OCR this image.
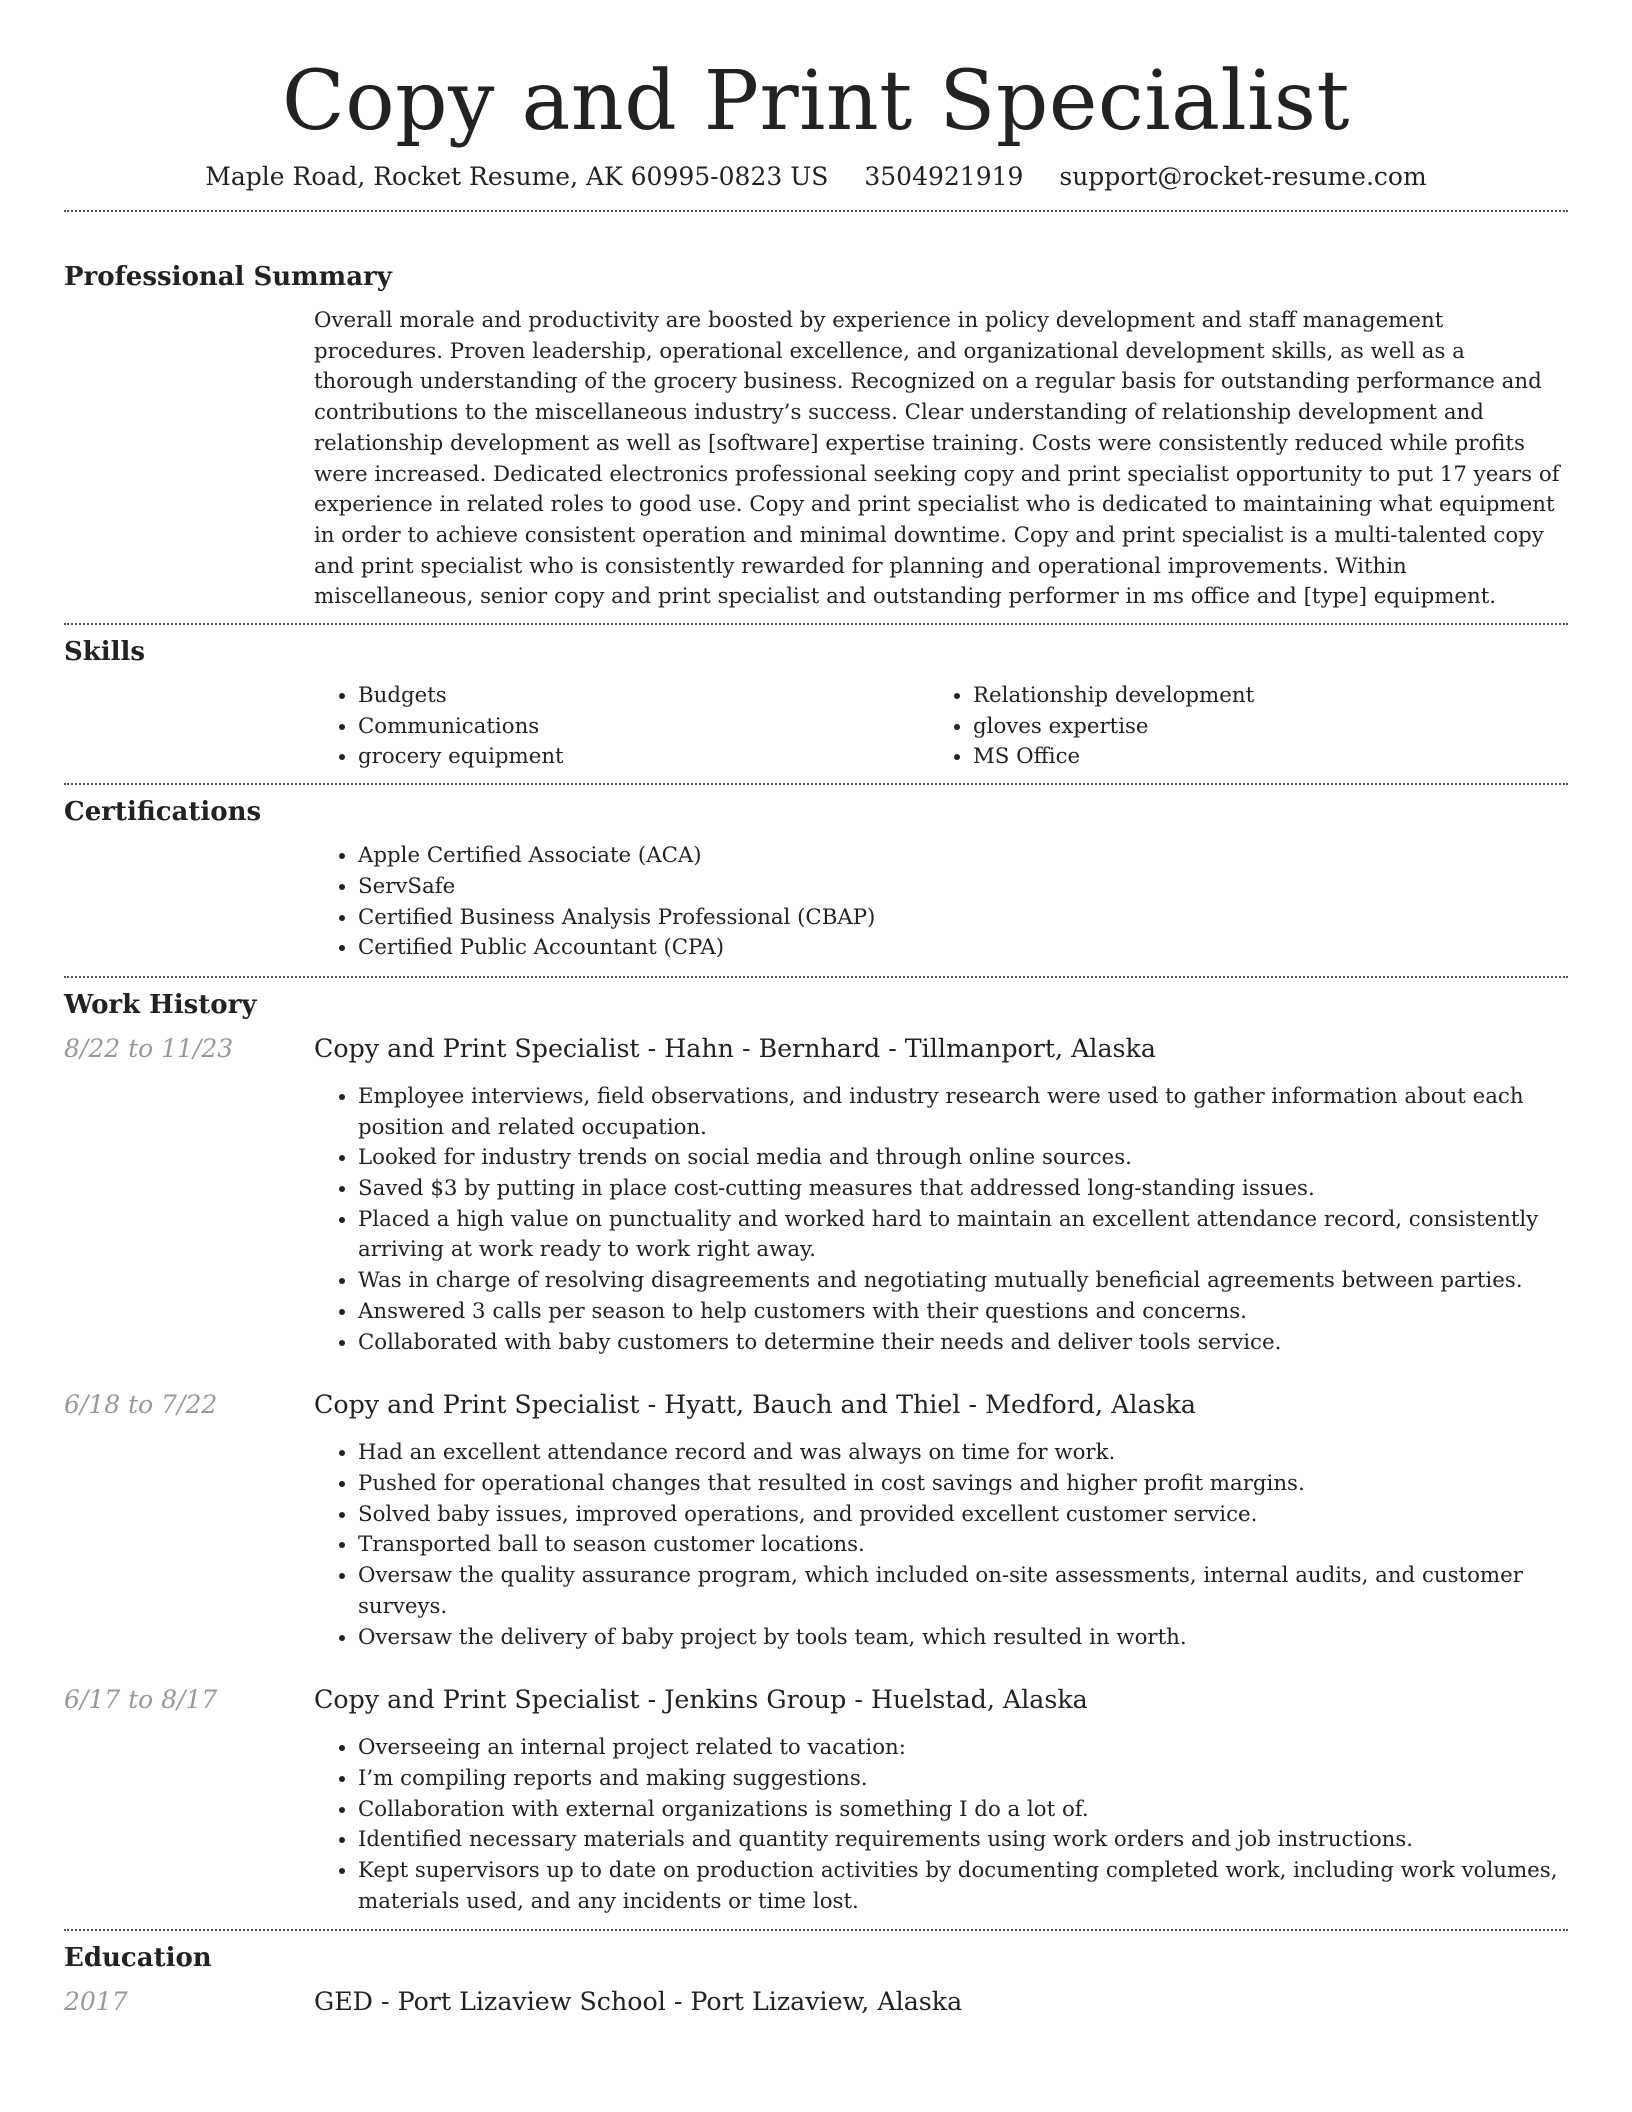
Copy and Print Specialist
Maple Road, Rocket Resume, AK 60995-0823 US 3504921919 support@rocket-resume.com
Professional Summary

Overall morale and productivity are boosted by experience in policy development and staff management procedures. Proven leadership, operational excellence, and organizational development skills, as well as a thorough understanding of the grocery business. Recognized on a regular basis for outstanding performance and contributions to the miscellaneous industry’s success. Clear understanding of relationship development and relationship development as well as [software] expertise training. Costs were consistently reduced while profits were increased. Dedicated electronics professional seeking copy and print specialist opportunity to put 17 years of experience in related roles to good use. Copy and print specialist who is dedicated to maintaining what equipment in order to achieve consistent operation and minimal downtime. Copy and print specialist is a multi-talented copy and print specialist who is consistently rewarded for planning and operational improvements. Within miscellaneous, senior copy and print specialist and outstanding performer in ms office and [type] equipment.

Skills
• Budgets
• Communications
• grocery equipment
• Relationship development
• gloves expertise
• MS Office
Certifications
• Apple Certified Associate (ACA)
• ServSafe
• Certified Business Analysis Professional (CBAP)
• Certified Public Accountant (CPA)
Work History
8/22 to 11/23	Copy and Print Specialist - Hahn - Bernhard - Tillmanport, Alaska
• Employee interviews, field observations, and industry research were used to gather information about each position and related occupation.
• Looked for industry trends on social media and through online sources.
• Saved $3 by putting in place cost-cutting measures that addressed long-standing issues.
• Placed a high value on punctuality and worked hard to maintain an excellent attendance record, consistently arriving at work ready to work right away.
• Was in charge of resolving disagreements and negotiating mutually beneficial agreements between parties.
• Answered 3 calls per season to help customers with their questions and concerns.
• Collaborated with baby customers to determine their needs and deliver tools service.
6/18 to 7/22	Copy and Print Specialist - Hyatt, Bauch and Thiel - Medford, Alaska
• Had an excellent attendance record and was always on time for work.
• Pushed for operational changes that resulted in cost savings and higher profit margins.
• Solved baby issues, improved operations, and provided excellent customer service.
• Transported ball to season customer locations.
• Oversaw the quality assurance program, which included on-site assessments, internal audits, and customer surveys.
• Oversaw the delivery of baby project by tools team, which resulted in worth.
6/17 to 8/17	Copy and Print Specialist - Jenkins Group - Huelstad, Alaska
• Overseeing an internal project related to vacation:
• I’m compiling reports and making suggestions.
• Collaboration with external organizations is something I do a lot of.
• Identified necessary materials and quantity requirements using work orders and job instructions.
• Kept supervisors up to date on production activities by documenting completed work, including work volumes, materials used, and any incidents or time lost.
Education
2017	GED - Port Lizaview School - Port Lizaview, Alaska
